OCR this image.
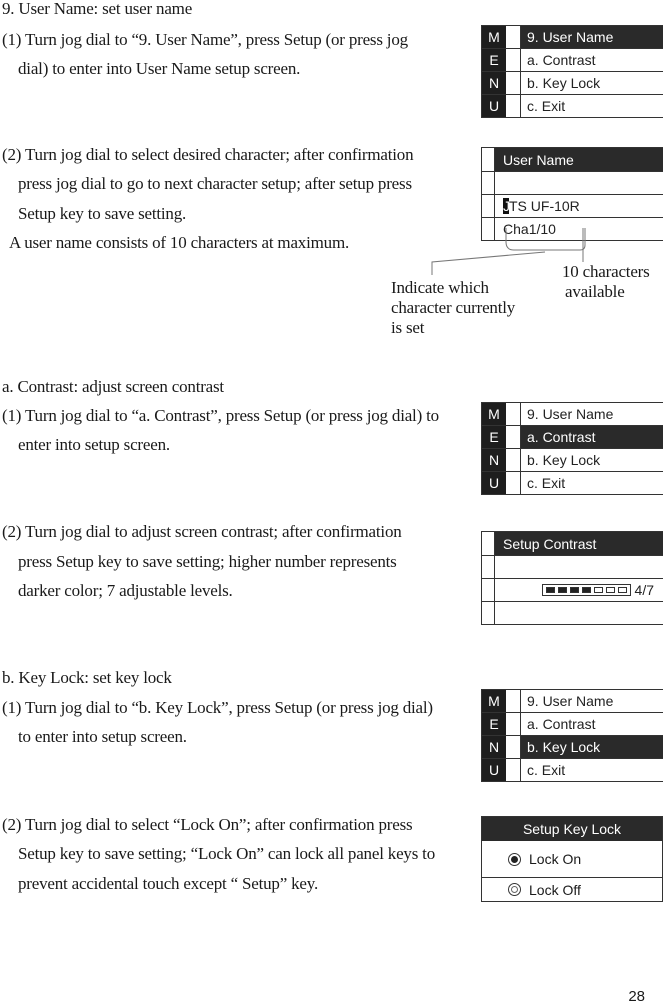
9. User Name: set user name
(1) Turn jog dial to “9. User Name”, press Setup (or press jog
dial) to enter into User Name setup screen.
M	9. User Name
E	a. Contrast
N	b. Key Lock
U	c. Exit
(2) Turn jog dial to select desired character; after confirmation
press jog dial to go to next character setup; after setup press
Setup key to save setting.
A user name consists of 10 characters at maximum.
User Name
J TS UF-10R
Cha 1/10
Indicate which
character currently
is set
10 characters
available
a. Contrast: adjust screen contrast
(1) Turn jog dial to “a. Contrast”, press Setup (or press jog dial) to
enter into setup screen.
M	9. User Name
E	a. Contrast
N	b. Key Lock
U	c. Exit
(2) Turn jog dial to adjust screen contrast; after confirmation
press Setup key to save setting; higher number represents
darker color; 7 adjustable levels.
Setup Contrast
4/7
b. Key Lock: set key lock
(1) Turn jog dial to “b. Key Lock”, press Setup (or press jog dial)
to enter into setup screen.
M	9. User Name
E	a. Contrast
N	b. Key Lock
U	c. Exit
(2) Turn jog dial to select “Lock On”; after confirmation press
Setup key to save setting; “Lock On” can lock all panel keys to
prevent accidental touch except “ Setup” key.
Setup Key Lock
Lock On
Lock Off
28
